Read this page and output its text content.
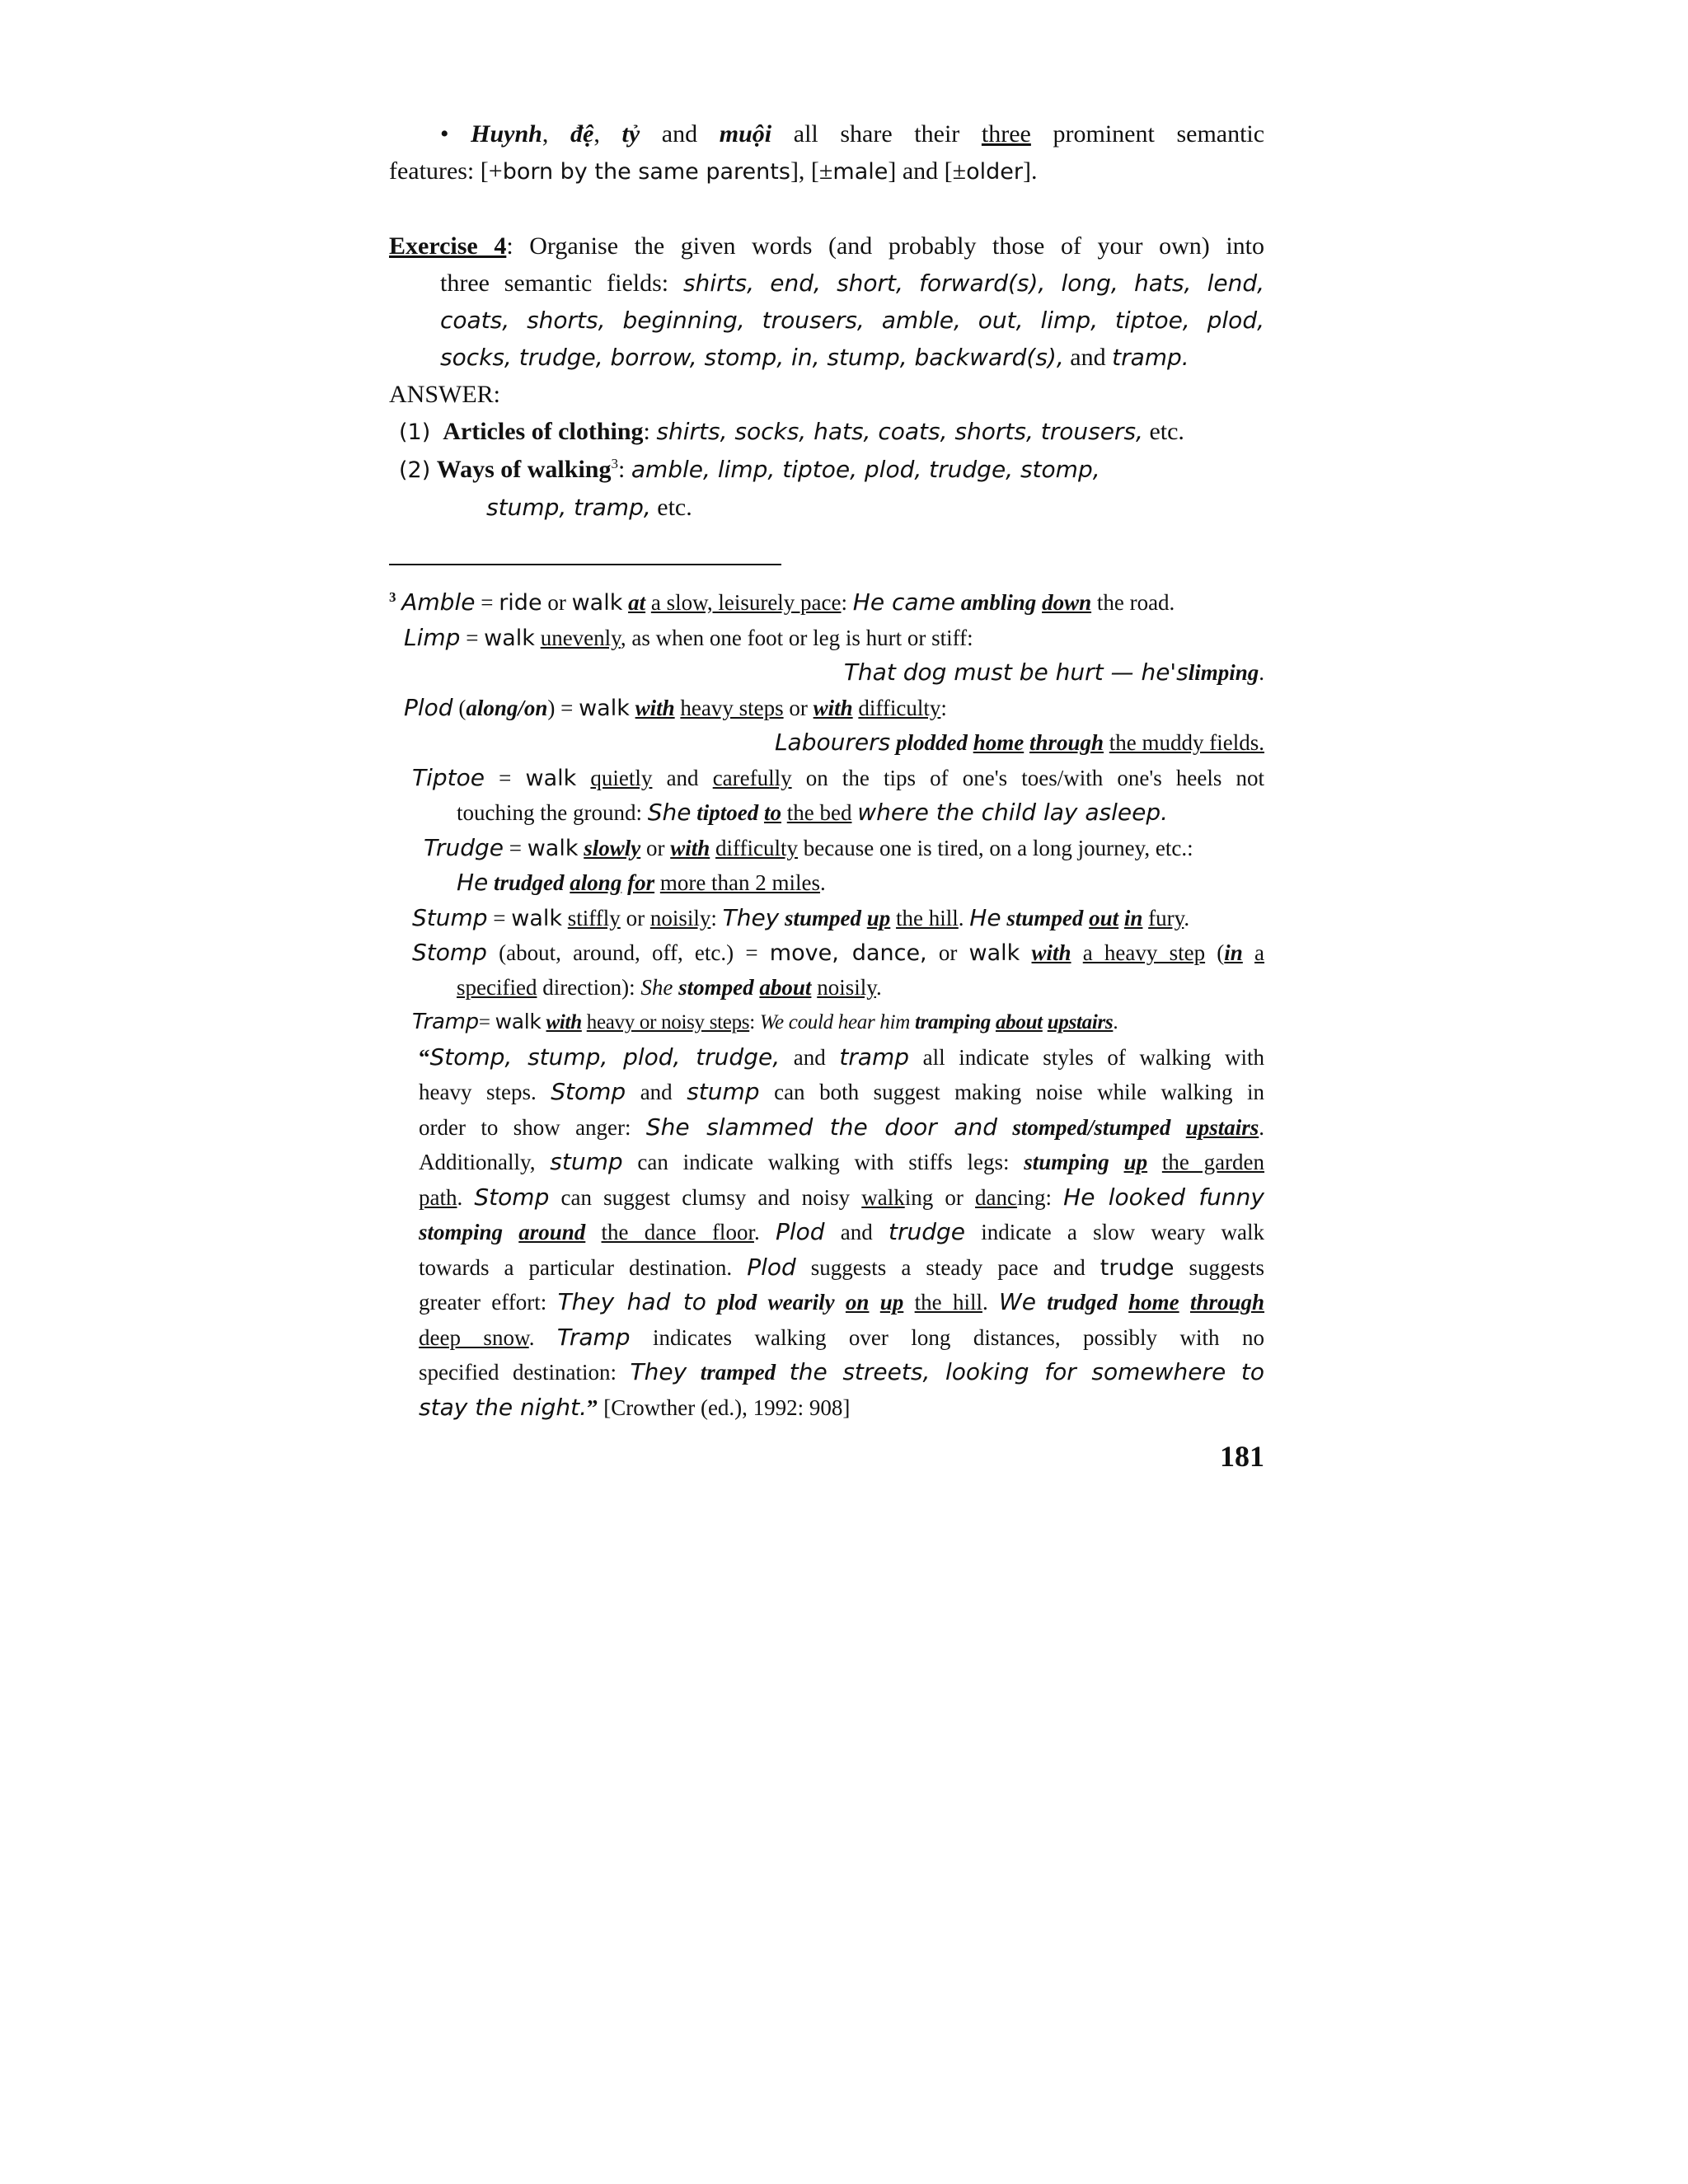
• Huynh, đệ, tỷ and muội all share their three prominent semantic

features: [+born by the same parents], [±male] and [±older].

Exercise 4: Organise the given words (and probably those of your own) into

three semantic fields: shirts, end, short, forward(s), long, hats, lend,

coats, shorts, beginning, trousers, amble, out, limp, tiptoe, plod,

socks, trudge, borrow, stomp, in, stump, backward(s), and tramp.

ANSWER:

(1) Articles of clothing: shirts, socks, hats, coats, shorts, trousers, etc.

(2) Ways of walking$^3$: amble, limp, tiptoe, plod, trudge, stomp,

stump, tramp, etc.

$^3$ Amble = ride or walk at a slow, leisurely pace: He came ambling down the road.

Limp = walk unevenly, as when one foot or leg is hurt or stiff:

That dog must be hurt — he'slimping.

Plod (along/on) = walk with heavy steps or with difficulty:

Labourers plodded home through the muddy fields.

Tiptoe = walk quietly and carefully on the tips of one's toes/with one's heels not

touching the ground: She tiptoed to the bed where the child lay asleep.

Trudge = walk slowly or with difficulty because one is tired, on a long journey, etc.:

He trudged along for more than 2 miles.

Stump = walk stiffly or noisily: They stumped up the hill. He stumped out in fury.

Stomp (about, around, off, etc.) = move, dance, or walk with a heavy step (in a

specified direction): She stomped about noisily.

Tramp= walk with heavy or noisy steps: We could hear him tramping about upstairs.

“Stomp, stump, plod, trudge, and tramp all indicate styles of walking with

heavy steps. Stomp and stump can both suggest making noise while walking in

order to show anger: She slammed the door and stomped/stumped upstairs.

Additionally, stump can indicate walking with stiffs legs: stumping up the garden

path. Stomp can suggest clumsy and noisy walking or dancing: He looked funny

stomping around the dance floor. Plod and trudge indicate a slow weary walk

towards a particular destination. Plod suggests a steady pace and trudge suggests

greater effort: They had to plod wearily on up the hill. We trudged home through

deep snow. Tramp indicates walking over long distances, possibly with no

specified destination: They tramped the streets, looking for somewhere to

stay the night.” [Crowther (ed.), 1992: 908]

181
